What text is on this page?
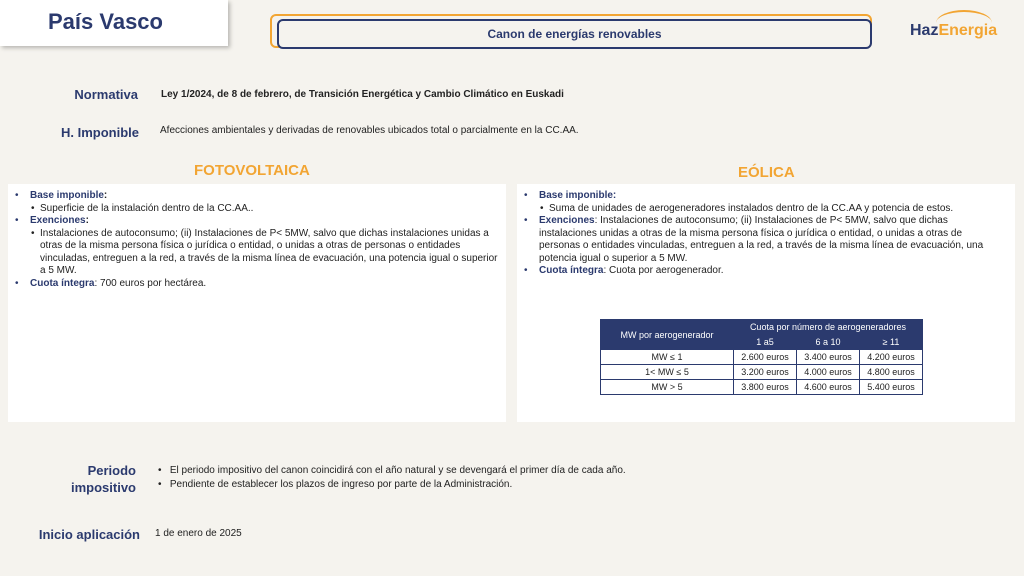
País Vasco	Canon de energías renovables	HazEnergia
Normativa Ley 1/2024, de 8 de febrero, de Transición Energética y Cambio Climático en Euskadi
H. Imponible Afecciones ambientales y derivadas de renovables ubicados total o parcialmente en la CC.AA.
FOTOVOLTAICA	EÓLICA
• Base imponible:
• Superficie de la instalación dentro de la CC.AA..
• Exenciones:
• Instalaciones de autoconsumo; (ii) Instalaciones de P< 5MW, salvo que dichas instalaciones unidas a otras de la misma persona física o jurídica o entidad, o unidas a otras de personas o entidades vinculadas, entreguen a la red, a través de la misma línea de evacuación, una potencia igual o superior a 5 MW.
• Cuota íntegra: 700 euros por hectárea.
• Base imponible:
• Suma de unidades de aerogeneradores instalados dentro de la CC.AA y potencia de estos.
• Exenciones: Instalaciones de autoconsumo; (ii) Instalaciones de P< 5MW, salvo que dichas instalaciones unidas a otras de la misma persona física o jurídica o entidad, o unidas a otras de personas o entidades vinculadas, entreguen a la red, a través de la misma línea de evacuación, una potencia igual o superior a 5 MW.
• Cuota íntegra: Cuota por aerogenerador.
MW por aerogenerador	Cuota por número de aerogeneradores		
	1 a5	6 a 10	≥ 11
MW ≤ 1	2.600 euros	3.400 euros	4.200 euros
1< MW ≤ 5	3.200 euros	4.000 euros	4.800 euros
MW > 5	3.800 euros	4.600 euros	5.400 euros
Periodo
impositivo
•   El periodo impositivo del canon coincidirá con el año natural y se devengará el primer día de cada año.
•   Pendiente de establecer los plazos de ingreso por parte de la Administración.
Inicio aplicación 1 de enero de 2025
